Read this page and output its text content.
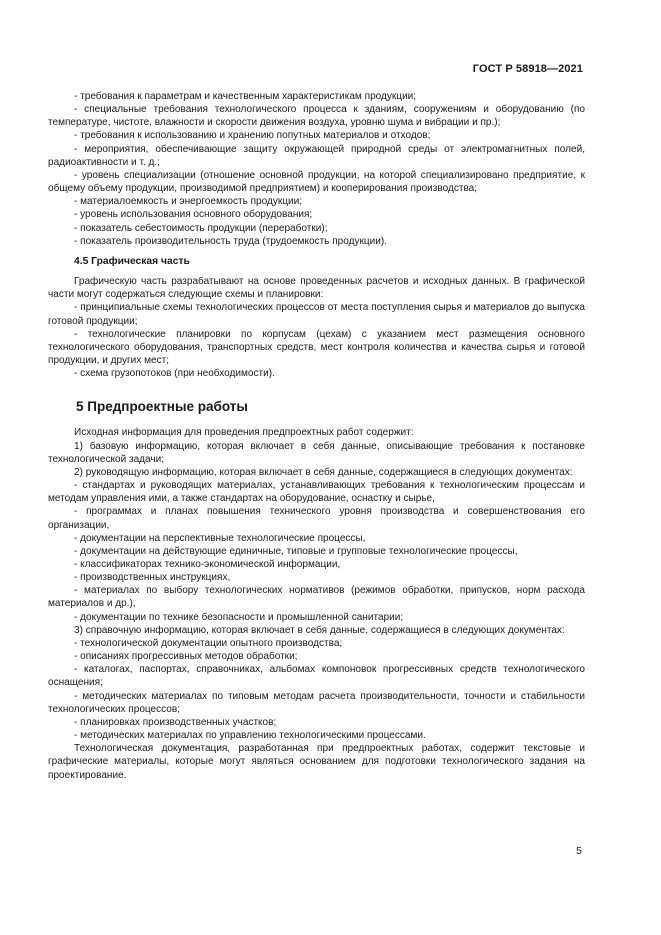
ГОСТ Р 58918—2021

- требования к параметрам и качественным характеристикам продукции;

- специальные требования технологического процесса к зданиям, сооружениям и оборудованию (по температуре, чистоте, влажности и скорости движения воздуха, уровню шума и вибрации и пр.);

- требования к использованию и хранению попутных материалов и отходов;

- мероприятия, обеспечивающие защиту окружающей природной среды от электромагнитных полей, радиоактивности и т. д.;

- уровень специализации (отношение основной продукции, на которой специализировано предприятие, к общему объему продукции, производимой предприятием) и кооперирования производства;

- материалоемкость и энергоемкость продукции;

- уровень использования основного оборудования;

- показатель себестоимость продукции (переработки);

- показатель производительность труда (трудоемкость продукции).

4.5 Графическая часть

Графическую часть разрабатывают на основе проведенных расчетов и исходных данных. В графической части могут содержаться следующие схемы и планировки:

- принципиальные схемы технологических процессов от места поступления сырья и материалов до выпуска готовой продукции;

- технологические планировки по корпусам (цехам) с указанием мест размещения основного технологического оборудования, транспортных средств, мест контроля количества и качества сырья и готовой продукции, и других мест;

- схема грузопотоков (при необходимости).

5 Предпроектные работы

Исходная информация для проведения предпроектных работ содержит:

1) базовую информацию, которая включает в себя данные, описывающие требования к постановке технологической задачи;

2) руководящую информацию, которая включает в себя данные, содержащиеся в следующих документах:

- стандартах и руководящих материалах, устанавливающих требования к технологическим процессам и методам управления ими, а также стандартах на оборудование, оснастку и сырье,

- программах и планах повышения технического уровня производства и совершенствования его организации,

- документации на перспективные технологические процессы,

- документации на действующие единичные, типовые и групповые технологические процессы,

- классификаторах технико-экономической информации,

- производственных инструкциях,

- материалах по выбору технологических нормативов (режимов обработки, припусков, норм расхода материалов и др.),

- документации по технике безопасности и промышленной санитарии;

3) справочную информацию, которая включает в себя данные, содержащиеся в следующих документах:

- технологической документации опытного производства;

- описаниях прогрессивных методов обработки;

- каталогах, паспортах, справочниках, альбомах компоновок прогрессивных средств технологического оснащения;

- методических материалах по типовым методам расчета производительности, точности и стабильности технологических процессов;

- планировках производственных участков;

- методических материалах по управлению технологическими процессами.

Технологическая документация, разработанная при предпроектных работах, содержит текстовые и графические материалы, которые могут являться основанием для подготовки технологического задания на проектирование.

5
